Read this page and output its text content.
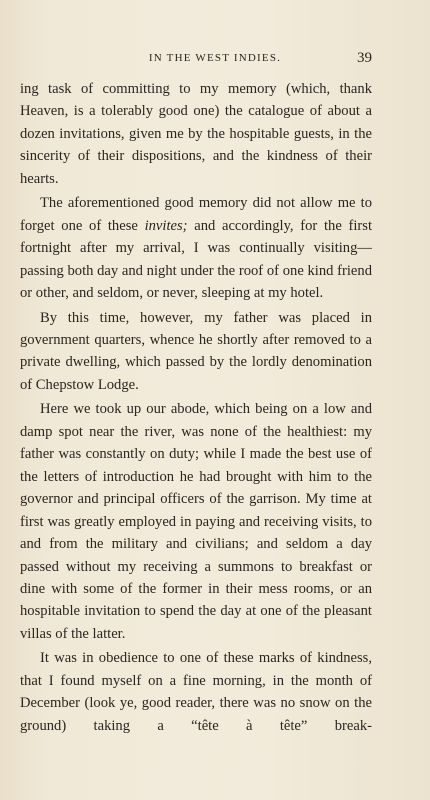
IN THE WEST INDIES.	39

ing task of committing to my memory (which, thank Heaven, is a tolerably good one) the catalogue of about a dozen invitations, given me by the hospitable guests, in the sincerity of their dispositions, and the kindness of their hearts.

The aforementioned good memory did not allow me to forget one of these invites; and accordingly, for the first fortnight after my arrival, I was continually visiting—passing both day and night under the roof of one kind friend or other, and seldom, or never, sleeping at my hotel.

By this time, however, my father was placed in government quarters, whence he shortly after removed to a private dwelling, which passed by the lordly denomination of Chepstow Lodge.

Here we took up our abode, which being on a low and damp spot near the river, was none of the healthiest: my father was constantly on duty; while I made the best use of the letters of introduction he had brought with him to the governor and principal officers of the garrison. My time at first was greatly employed in paying and receiving visits, to and from the military and civilians; and seldom a day passed without my receiving a summons to breakfast or dine with some of the former in their mess rooms, or an hospitable invitation to spend the day at one of the pleasant villas of the latter.

It was in obedience to one of these marks of kindness, that I found myself on a fine morning, in the month of December (look ye, good reader, there was no snow on the ground) taking a “tête à tête” break-
